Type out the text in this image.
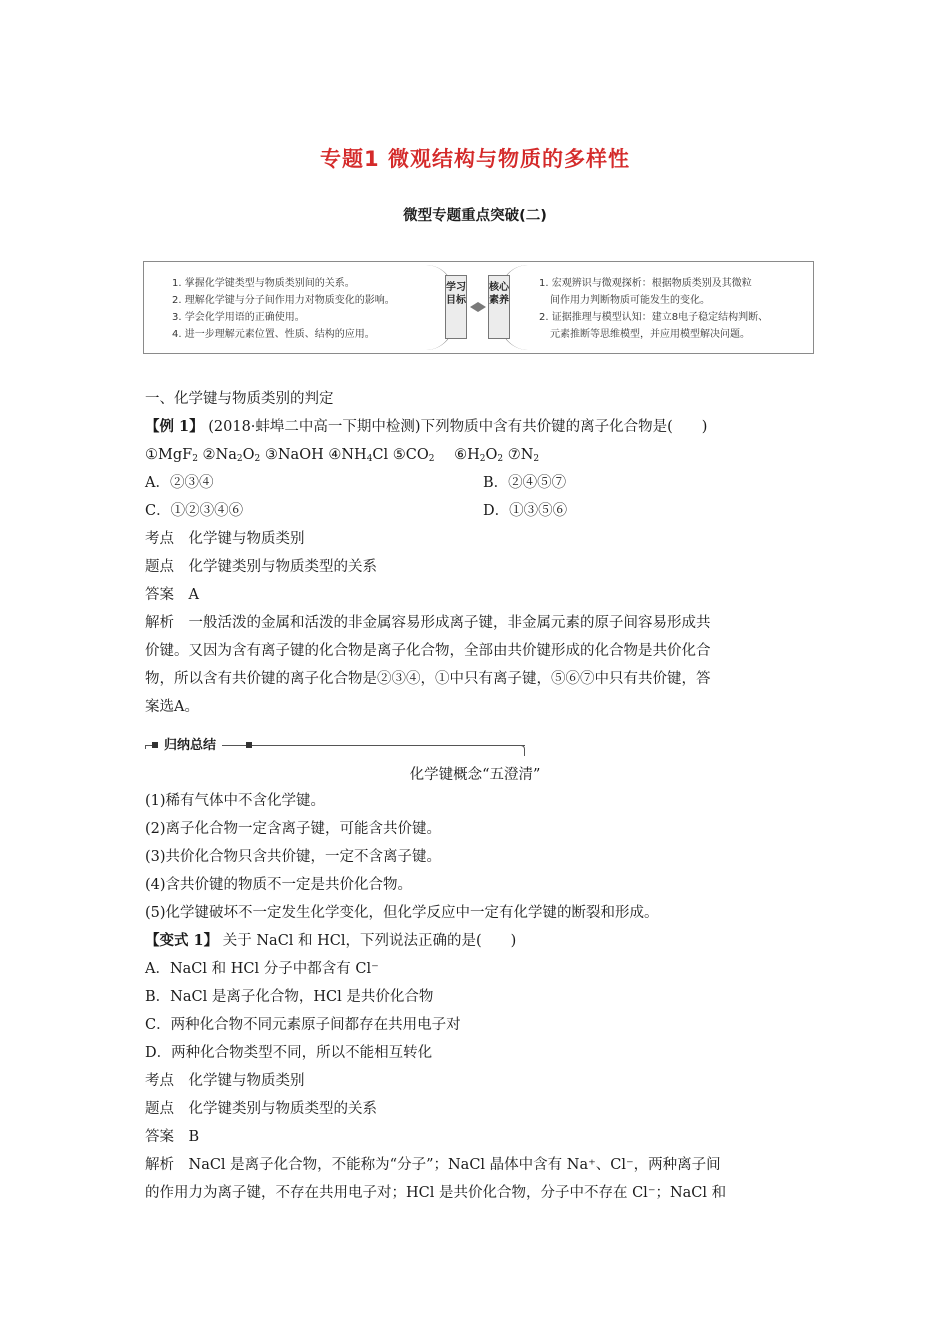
专题1 微观结构与物质的多样性
微型专题重点突破(二)
1. 掌握化学键类型与物质类别间的关系。
2. 理解化学键与分子间作用力对物质变化的影响。
3. 学会化学用语的正确使用。
4. 进一步理解元素位置、性质、结构的应用。
学习目标
核心素养
1. 宏观辨识与微观探析：根据物质类别及其微粒
间作用力判断物质可能发生的变化。
2. 证据推理与模型认知：建立8电子稳定结构判断、
元素推断等思维模型，并应用模型解决问题。
一、化学键与物质类别的判定
【例 1】 (2018·蚌埠二中高一下期中检测)下列物质中含有共价键的离子化合物是(　　)
①MgF$_2$ $②Na_2O_2$ ③NaOH $④NH_4Cl$ $⑤CO_2$ $⑥H_2O_2$ $⑦N_2$
A．②③④	B．②④⑤⑦
C．①②③④⑥	D．①③⑤⑥
考点　 化学键与物质类别
题点　 化学键类别与物质类型的关系
答案　 A
解析　 一般活泼的金属和活泼的非金属容易形成离子键，非金属元素的原子间容易形成共
价键。又因为含有离子键的化合物是离子化合物，全部由共价键形成的化合物是共价化合
物，所以含有共价键的离子化合物是②③④，①中只有离子键，⑤⑥⑦中只有共价键，答
案选A。
归纳总结
化学键概念“五澄清”
(1)稀有气体中不含化学键。
(2)离子化合物一定含离子键，可能含共价键。
(3)共价化合物只含共价键，一定不含离子键。
(4)含共价键的物质不一定是共价化合物。
(5)化学键破坏不一定发生化学变化，但化学反应中一定有化学键的断裂和形成。
【变式 1】 关于 NaCl 和 HCl，下列说法正确的是(　　)
A．NaCl 和 HCl 分子中都含有 Cl⁻
B．NaCl 是离子化合物，HCl 是共价化合物
C．两种化合物不同元素原子间都存在共用电子对
D．两种化合物类型不同，所以不能相互转化
考点　 化学键与物质类别
题点　 化学键类别与物质类型的关系
答案　 B
解析　 NaCl 是离子化合物，不能称为“分子”；NaCl 晶体中含有 Na⁺、Cl⁻，两种离子间
的作用力为离子键，不存在共用电子对；HCl 是共价化合物，分子中不存在 Cl⁻；NaCl 和
